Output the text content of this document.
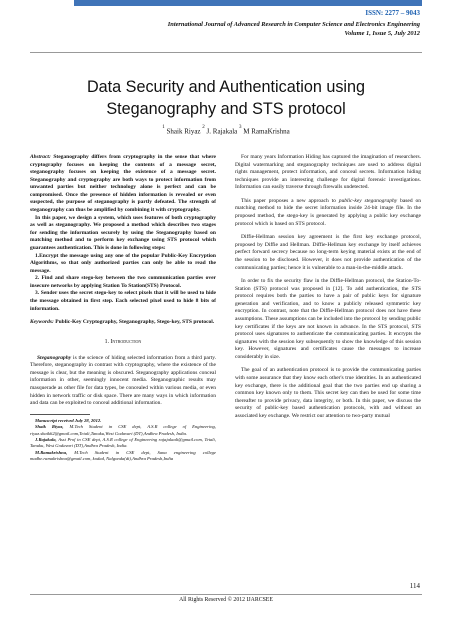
ISSN: 2277 – 9043
International Journal of Advanced Research in Computer Science and Electronics Engineering
Volume 1, Issue 5, July 2012
Data Security and Authentication using
Steganography and STS protocol
$^1$ Shaik Riyaz $^2$ J. Rajakala $^3$ M RamaKrishna

Abstract: Steganography differs from cryptography in the sense that where cryptography focuses on keeping the contents of a message secret, steganography focuses on keeping the existence of a message secret. Steganography and cryptography are both ways to protect information from unwanted parties but neither technology alone is perfect and can be compromised. Once the presence of hidden information is revealed or even suspected, the purpose of steganography is partly defeated. The strength of steganography can thus be amplified by combining it with cryptography.

In this paper, we design a system, which uses features of both cryptography as well as steganography. We proposed a method which describes two stages for sending the information securely by using the Steganography based on matching method and to perform key exchange using STS protocol which guarantees authentication. This is done in following steps:

1.Encrypt the message using any one of the popular Public-Key Encryption Algorithms, so that only authorized parties can only be able to read the message.

2. Find and share stego-key between the two communication parties over insecure networks by applying Station To Station(STS) Protocol.

3. Sender uses the secret stego-key to select pixels that it will be used to hide the message obtained in first step. Each selected pixel used to hide 8 bits of information.

Keywords: Public-Key Cryptography, Steganography, Stego-key, STS protocol.
1. Introduction

Steganography is the science of hiding selected information from a third party. Therefore, steganography in contrast with cryptography, where the existence of the message is clear, but the meaning is obscured. Steganography applications conceal information in other, seemingly innocent media. Steganographic results may masquerade as other file for data types, be concealed within various media, or even hidden in network traffic or disk space. There are many ways in which information and data can be exploited to conceal additional information.

Manuscript received July 28, 2012.

Shaik Riyaz, M.Tech Student in CSE dept, A.S.R college of Engineering, riyaz.shaik62@gmail.com,Tetali,Tanuku,West Godavari (DT),Andhra Pradesh, India.

J.Rajakala, Asst Prof in CSE dept, A.S.R college of Engineering rajajalaali@gmail.com, Tetali, Tanuku, West Godavari (DT),Andhra Pradesh, India.

M.Ramakrishna, M.Tech Student in CSE dept, Sana engineering college madhe.ramakrishna@gmail.com, kodad, Nalgonda(dt),Andhra Pradesh,India

For many years Information Hiding has captured the imagination of researchers. Digital watermarking and steganography techniques are used to address digital rights management, protect information, and conceal secrets. Information hiding techniques provide an interesting challenge for digital forensic investigations. Information can easily traverse through firewalls undetected.

This paper proposes a new approach to public-key steganography based on matching method to hide the secret information inside 24-bit image file. In the proposed method, the stego-key is generated by applying a public key exchange protocol which is based on STS protocol.

Diffie-Hellman session key agreement is the first key exchange protocol, proposed by Diffie and Hellman. Diffie-Hellman key exchange by itself achieves perfect forward secrecy because no long-term keying material exists at the end of the session to be disclosed. However, it does not provide authentication of the communicating parties; hence it is vulnerable to a man-in-the-middle attack.

In order to fix the security flaw in the Diffie-Hellman protocol, the Station-To-Station (STS) protocol was proposed in [12]. To add authentication, the STS protocol requires both the parties to have a pair of public keys for signature generation and verification, and to know a publicly released symmetric key encryption. In contrast, note that the Diffie-Hellman protocol does not have these assumptions. These assumptions can be included into the protocol by sending public key certificates if the keys are not known in advance. In the STS protocol, STS protocol uses signatures to authenticate the communicating parties. It encrypts the signatures with the session key subsequently to show the knowledge of this session key. However, signatures and certificates cause the messages to increase considerably in size.

The goal of an authentication protocol is to provide the communicating parties with some assurance that they know each other's true identities. In an authenticated key exchange, there is the additional goal that the two parties end up sharing a common key known only to them. This secret key can then be used for some time thereafter to provide privacy, data integrity, or both. In this paper, we discuss the security of public-key based authentication protocols, with and without an associated key exchange. We restrict our attention to two-party mutual

114
All Rights Reserved © 2012 IJARCSEE
